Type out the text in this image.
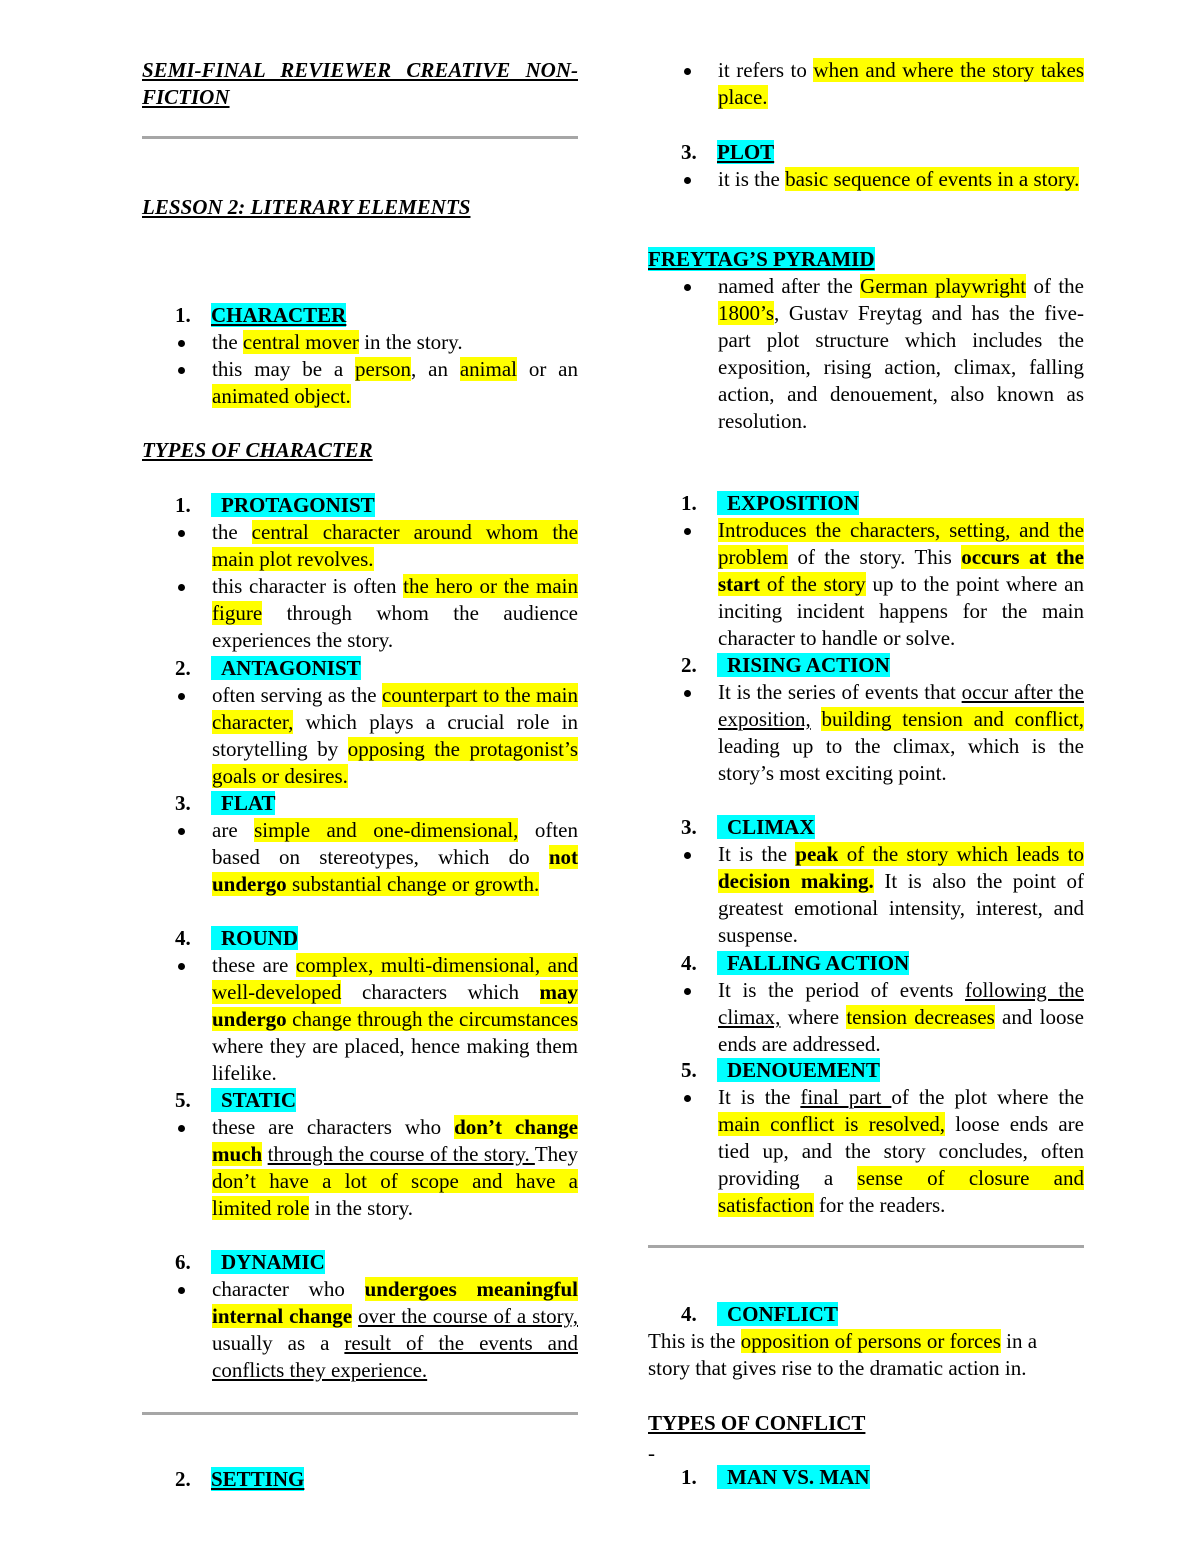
SEMI-FINAL REVIEWER CREATIVE NON-FICTION
LESSON 2: LITERARY ELEMENTS
1. CHARACTER
the central mover in the story.
this may be a person, an animal or an animated object.
TYPES OF CHARACTER
1. PROTAGONIST
the central character around whom the main plot revolves.
this character is often the hero or the main figure through whom the audience experiences the story.
2. ANTAGONIST
often serving as the counterpart to the main character, which plays a crucial role in storytelling by opposing the protagonist’s goals or desires.
3. FLAT
are simple and one-dimensional, often based on stereotypes, which do not undergo substantial change or growth.
4. ROUND
these are complex, multi-dimensional, and well-developed characters which may undergo change through the circumstances where they are placed, hence making them lifelike.
5. STATIC
these are characters who don’t change much through the course of the story. They don’t have a lot of scope and have a limited role in the story.
6. DYNAMIC
character who undergoes meaningful internal change over the course of a story, usually as a result of the events and conflicts they experience.
2. SETTING
it refers to when and where the story takes place.
3. PLOT
it is the basic sequence of events in a story.
FREYTAG’S PYRAMID
named after the German playwright of the 1800’s, Gustav Freytag and has the five-part plot structure which includes the exposition, rising action, climax, falling action, and denouement, also known as resolution.
1. EXPOSITION
Introduces the characters, setting, and the problem of the story. This occurs at the start of the story up to the point where an inciting incident happens for the main character to handle or solve.
2. RISING ACTION
It is the series of events that occur after the exposition, building tension and conflict, leading up to the climax, which is the story’s most exciting point.
3. CLIMAX
It is the peak of the story which leads to decision making. It is also the point of greatest emotional intensity, interest, and suspense.
4. FALLING ACTION
It is the period of events following the climax, where tension decreases and loose ends are addressed.
5. DENOUEMENT
It is the final part of the plot where the main conflict is resolved, loose ends are tied up, and the story concludes, often providing a sense of closure and satisfaction for the readers.
4. CONFLICT
This is the opposition of persons or forces in a story that gives rise to the dramatic action in.
TYPES OF CONFLICT
-
1. MAN VS. MAN
